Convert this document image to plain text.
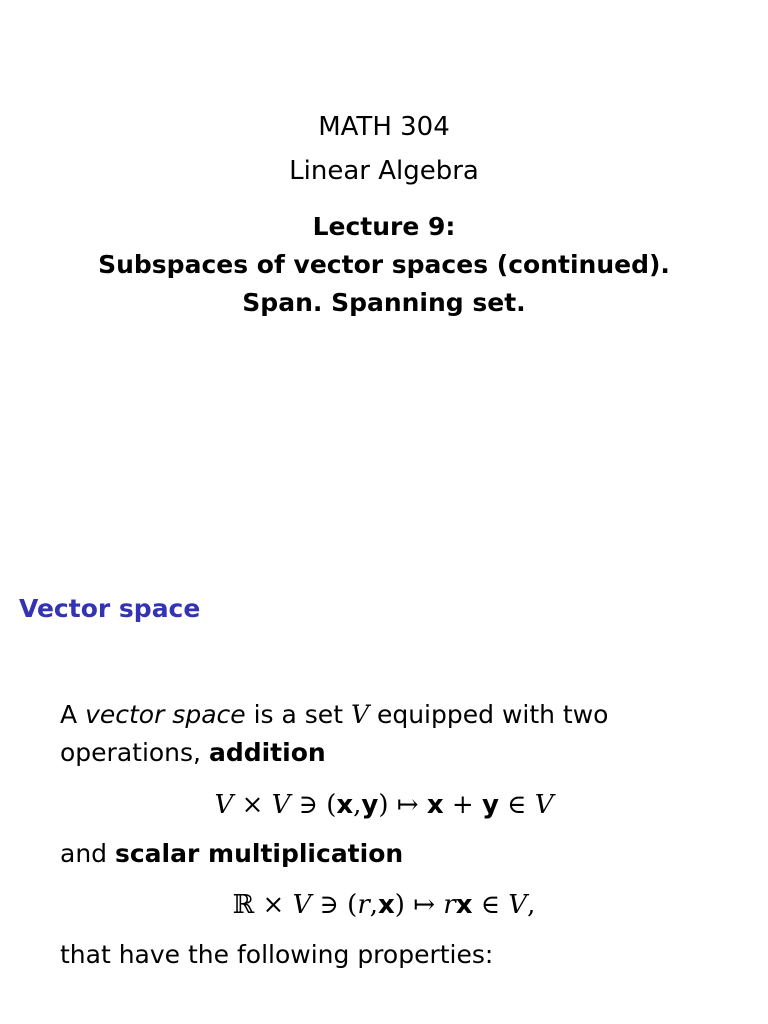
MATH 304
Linear Algebra
Lecture 9:
Subspaces of vector spaces (continued).
Span. Spanning set.
Vector space
A vector space is a set V equipped with two
operations, addition
V × V ∋ (x,y) ↦ x + y ∈ V
and scalar multiplication
ℝ × V ∋ (r,x) ↦ rx ∈ V,
that have the following properties:
